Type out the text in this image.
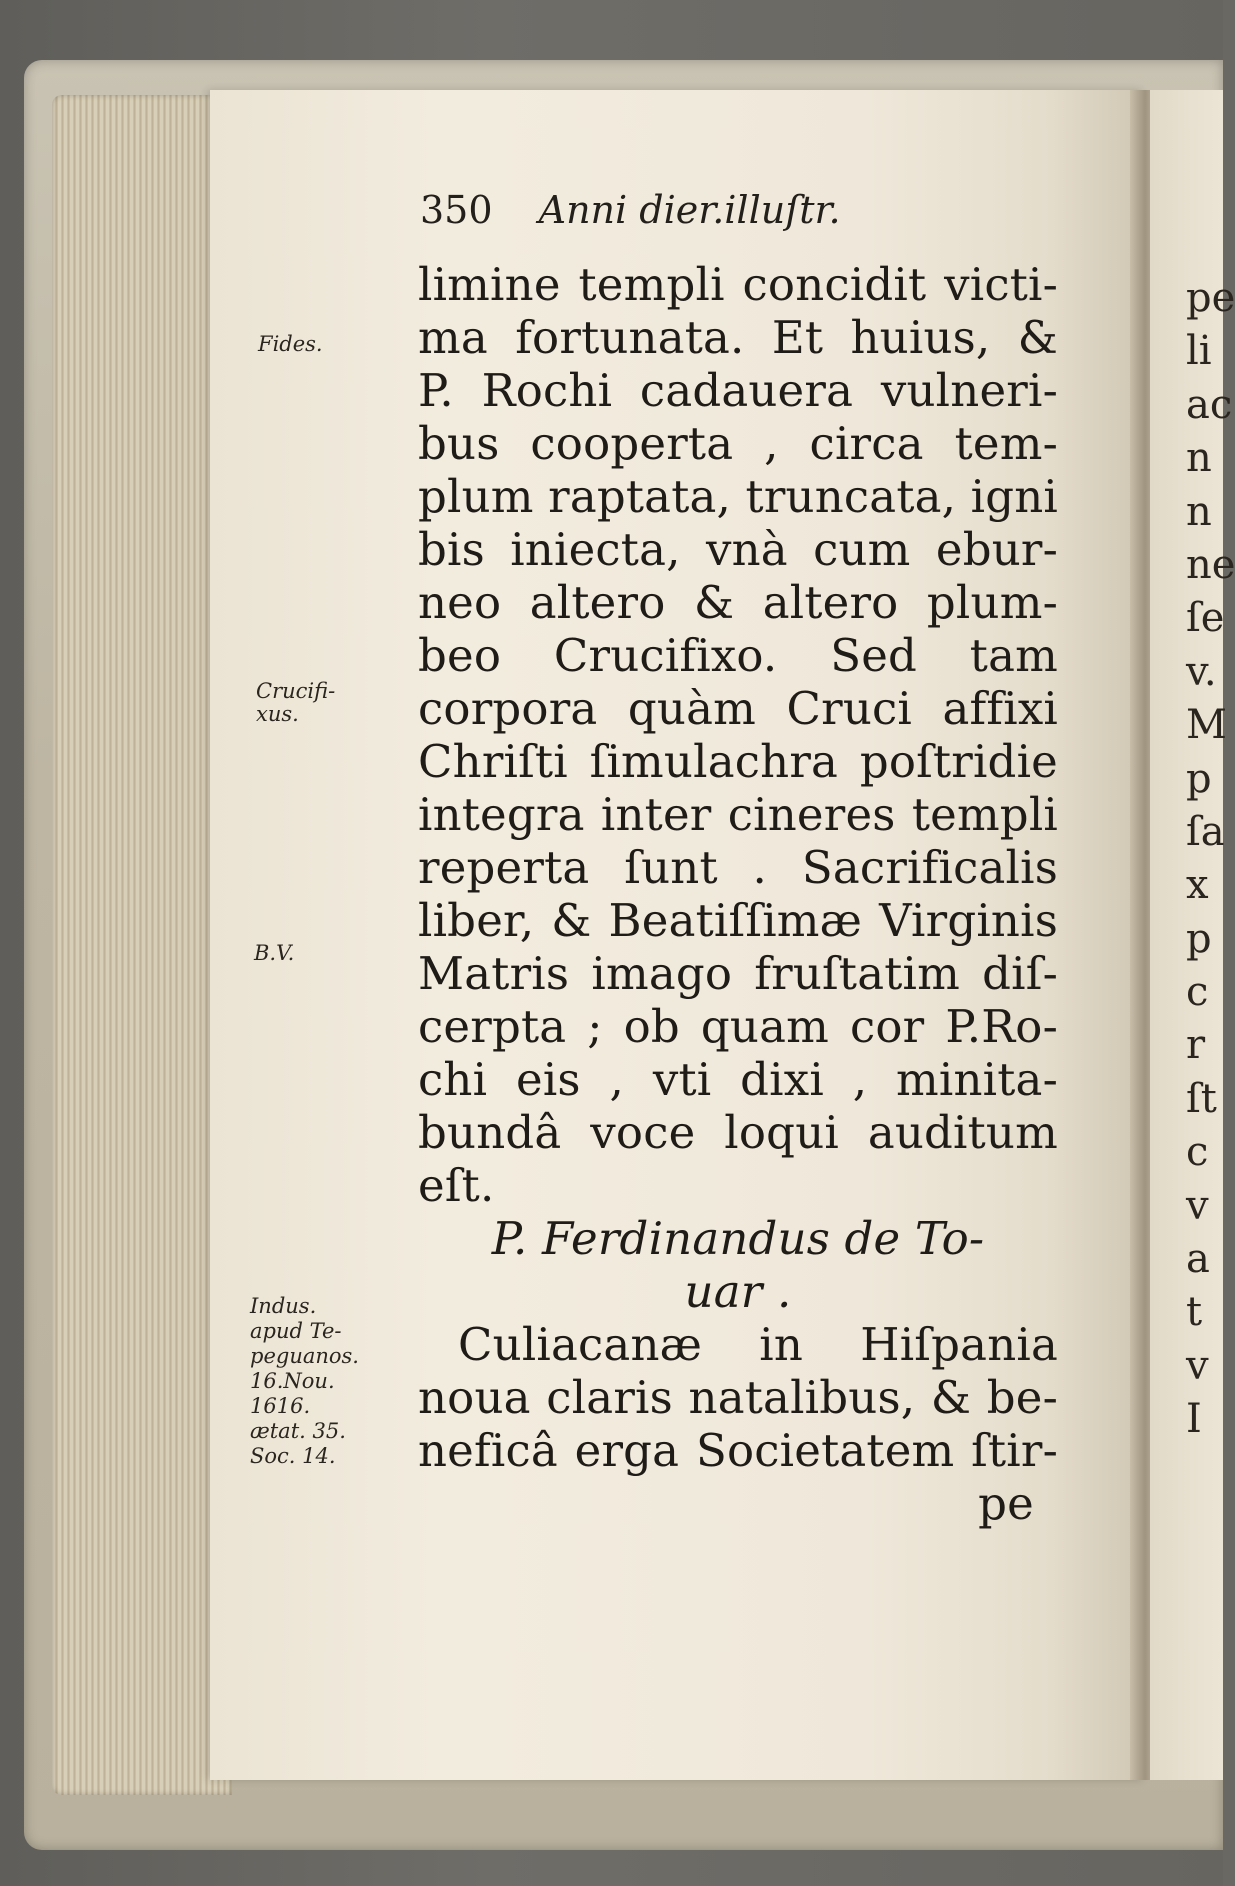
350 Anni dier.illuſtr.
limine templi concidit victi-
ma fortunata. Et huius, &
P. Rochi cadauera vulneri-
bus cooperta , circa tem-
plum raptata, truncata, igni
bis iniecta, vnà cum ebur-
neo altero & altero plum-
beo Crucifixo. Sed tam
corpora quàm Cruci affixi
Chriſti ſimulachra poſtridie
integra inter cineres templi
reperta ſunt . Sacrificalis
liber, & Beatiſſimæ Virginis
Matris imago fruſtatim diſ-
cerpta ; ob quam cor P.Ro-
chi eis , vti dixi , minita-
bundâ voce loqui auditum
eſt.
P. Ferdinandus de To-
uar .
Culiacanæ in Hiſpania
noua claris natalibus, & be-
neficâ erga Societatem ſtir-
pe
Fides.
Crucifi-
xus.
B.V.
Indus.
apud Te-
peguanos.
16.Nou.
1616.
ætat. 35.
Soc. 14.
pe
li
ac
n
n
ne
ſe
v.
M
p
ſa
x
p
c
r
ſt
c
v
a
t
v
I
